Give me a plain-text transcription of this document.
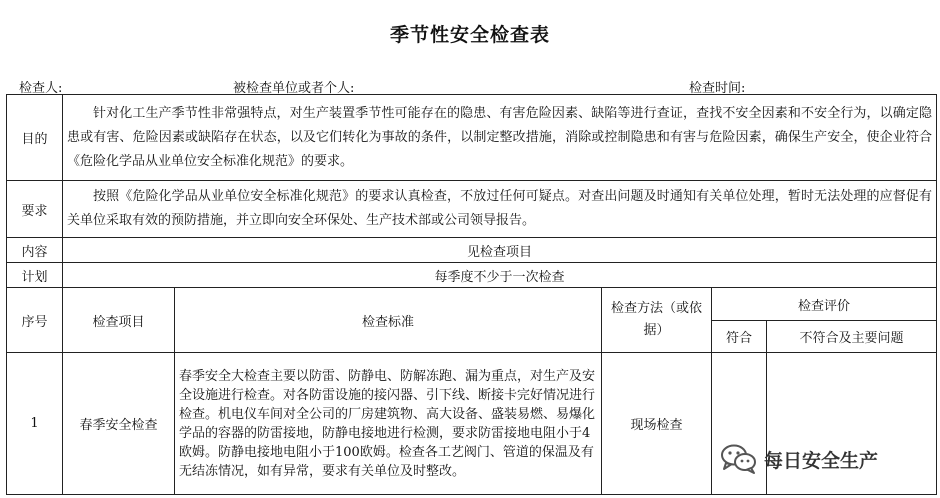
季节性安全检查表
检查人:	被检查单位或者个人:	检查时间:
目的	针对化工生产季节性非常强特点，对生产装置季节性可能存在的隐患、有害危险因素、缺陷等进行查证，查找不安全因素和不安全行为，以确定隐患或有害、危险因素或缺陷存在状态，以及它们转化为事故的条件，以制定整改措施，消除或控制隐患和有害与危险因素，确保生产安全，使企业符合《危险化学品从业单位安全标准化规范》的要求。				
要求	按照《危险化学品从业单位安全标准化规范》的要求认真检查，不放过任何可疑点。对查出问题及时通知有关单位处理，暂时无法处理的应督促有关单位采取有效的预防措施，并立即向安全环保处、生产技术部或公司领导报告。				
内容	见检查项目				
计划	每季度不少于一次检查				
序号	检查项目	检查标准	检查方法（或依据）	检查评价	
				符合	不符合及主要问题
1	春季安全检查	春季安全大检查主要以防雷、防静电、防解冻跑、漏为重点，对生产及安全设施进行检查。对各防雷设施的接闪器、引下线、断接卡完好情况进行检查。机电仪车间对全公司的厂房建筑物、高大设备、盛装易燃、易爆化学品的容器的防雷接地，防静电接地进行检测，要求防雷接地电阻小于4欧姆。防静电接地电阻小于100欧姆。检查各工艺阀门、管道的保温及有无结冻情况，如有异常，要求有关单位及时整改。	现场检查		
每日安全生产
